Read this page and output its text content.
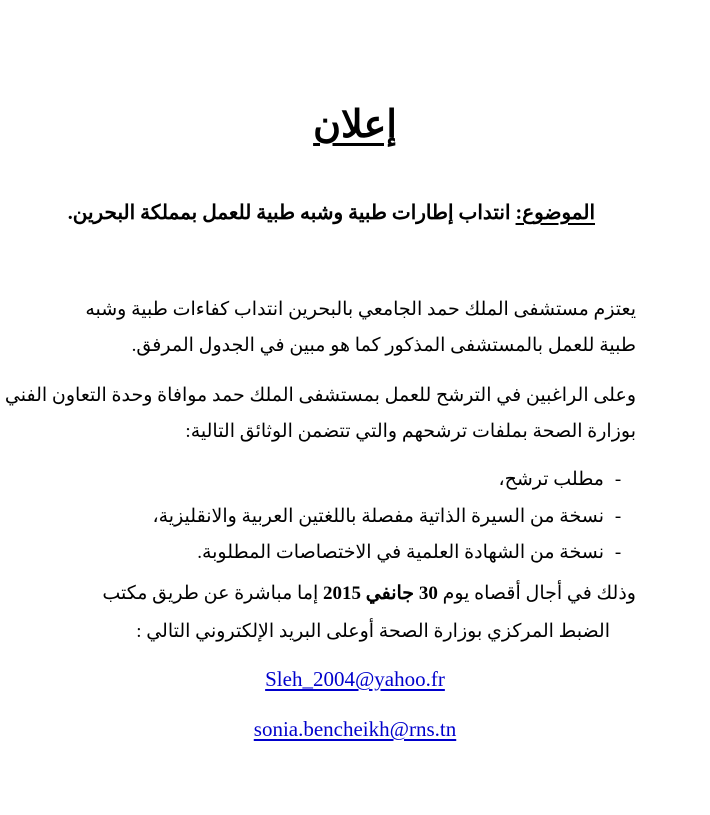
إعلان
الموضوع: انتداب إطارات طبية وشبه طبية للعمل بمملكة البحرين.
يعتزم مستشفى الملك حمد الجامعي بالبحرين انتداب كفاءات طبية وشبه
طبية للعمل بالمستشفى المذكور كما هو مبين في الجدول المرفق.
وعلى الراغبين في الترشح للعمل بمستشفى الملك حمد موافاة وحدة التعاون الفني
بوزارة الصحة بملفات ترشحهم والتي تتضمن الوثائق التالية:
-مطلب ترشح،
-نسخة من السيرة الذاتية مفصلة باللغتين العربية والانقليزية،
-نسخة من الشهادة العلمية في الاختصاصات المطلوبة.
وذلك في أجال أقصاه يوم 30 جانفي 2015 إما مباشرة عن طريق مكتب
الضبط المركزي بوزارة الصحة أوعلى البريد الإلكتروني التالي :
Sleh_2004@yahoo.fr
sonia.bencheikh@rns.tn
